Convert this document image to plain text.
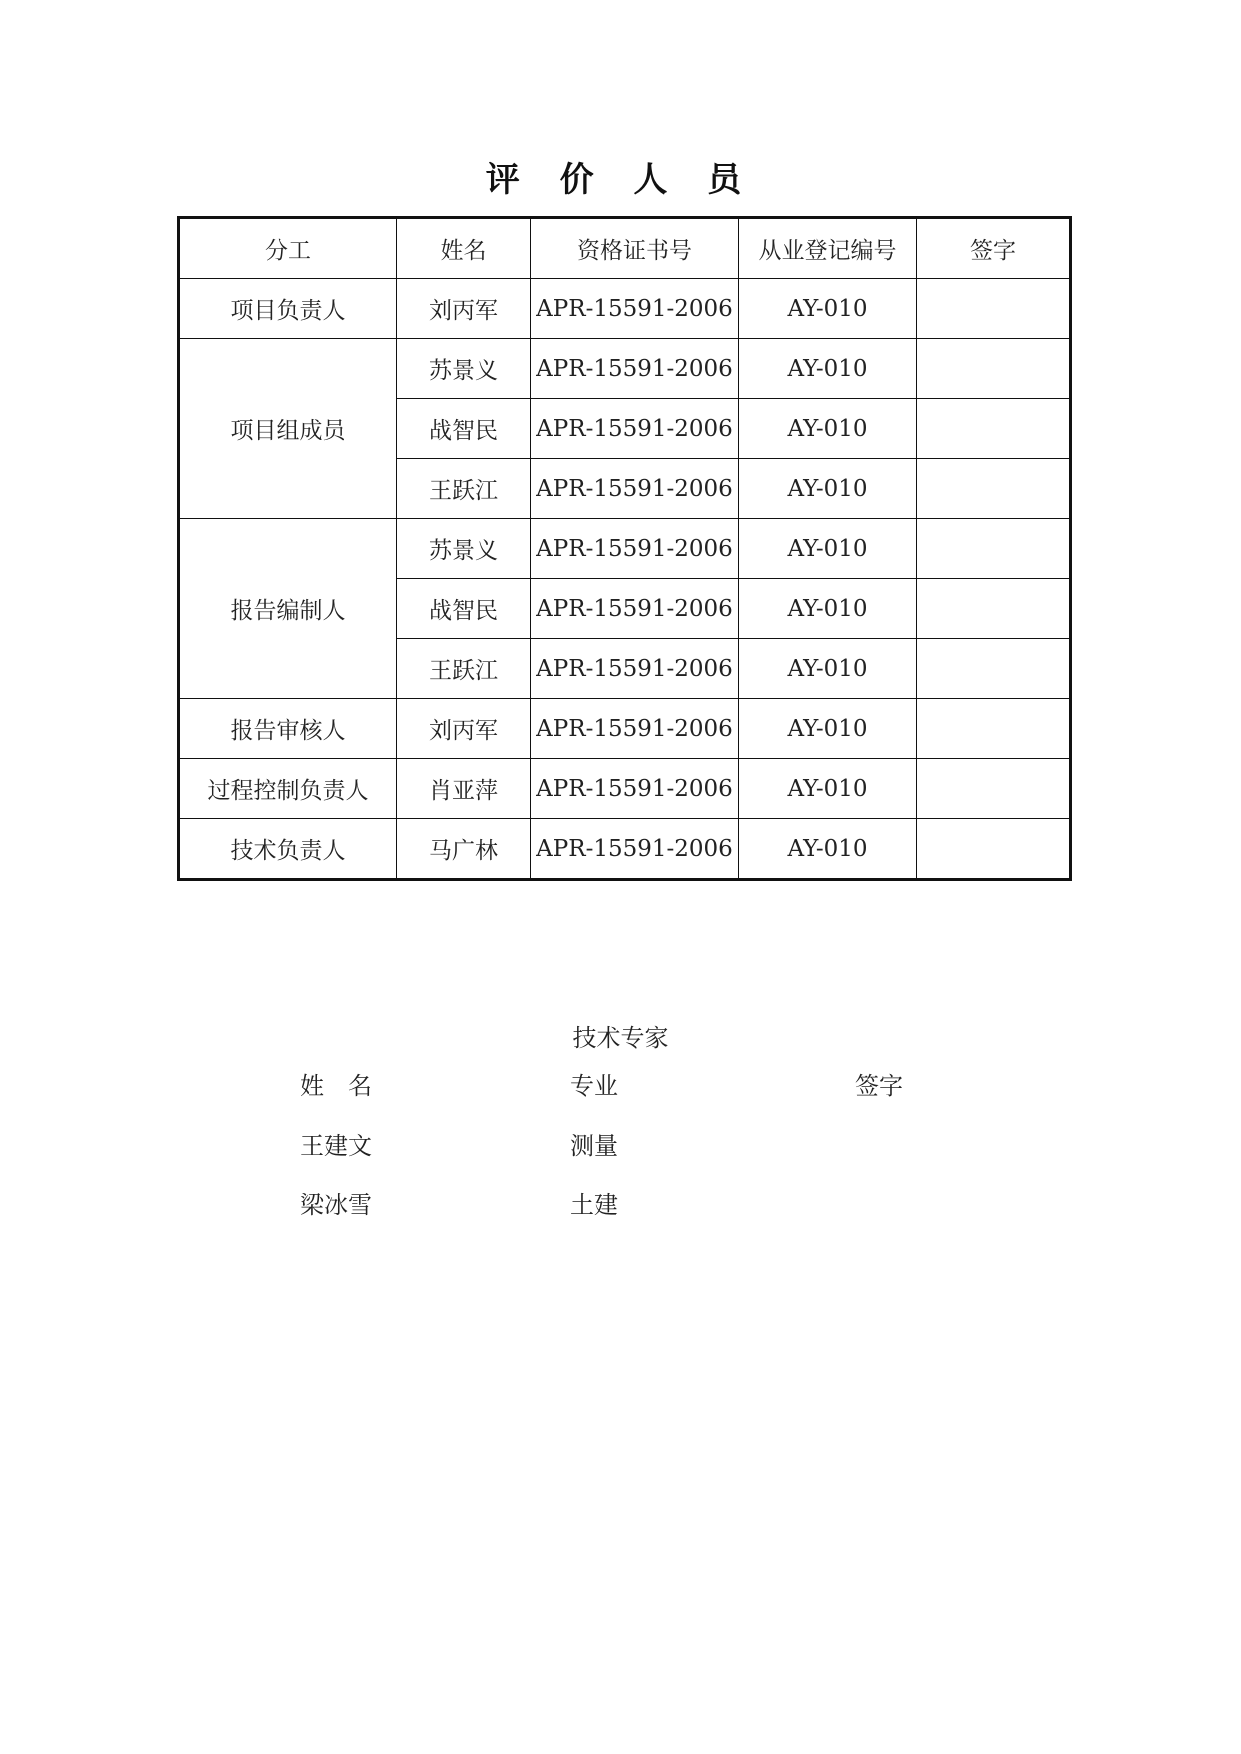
评 价 人 员
分工	姓名	资格证书号	从业登记编号	签字
项目负责人	刘丙军	APR-15591-2006	AY-010	
项目组成员	苏景义	APR-15591-2006	AY-010	
	战智民	APR-15591-2006	AY-010	
	王跃江	APR-15591-2006	AY-010	
报告编制人	苏景义	APR-15591-2006	AY-010	
	战智民	APR-15591-2006	AY-010	
	王跃江	APR-15591-2006	AY-010	
报告审核人	刘丙军	APR-15591-2006	AY-010	
过程控制负责人	肖亚萍	APR-15591-2006	AY-010	
技术负责人	马广林	APR-15591-2006	AY-010	
技术专家
姓名	专业	签字
王建文	测量
梁冰雪	土建
